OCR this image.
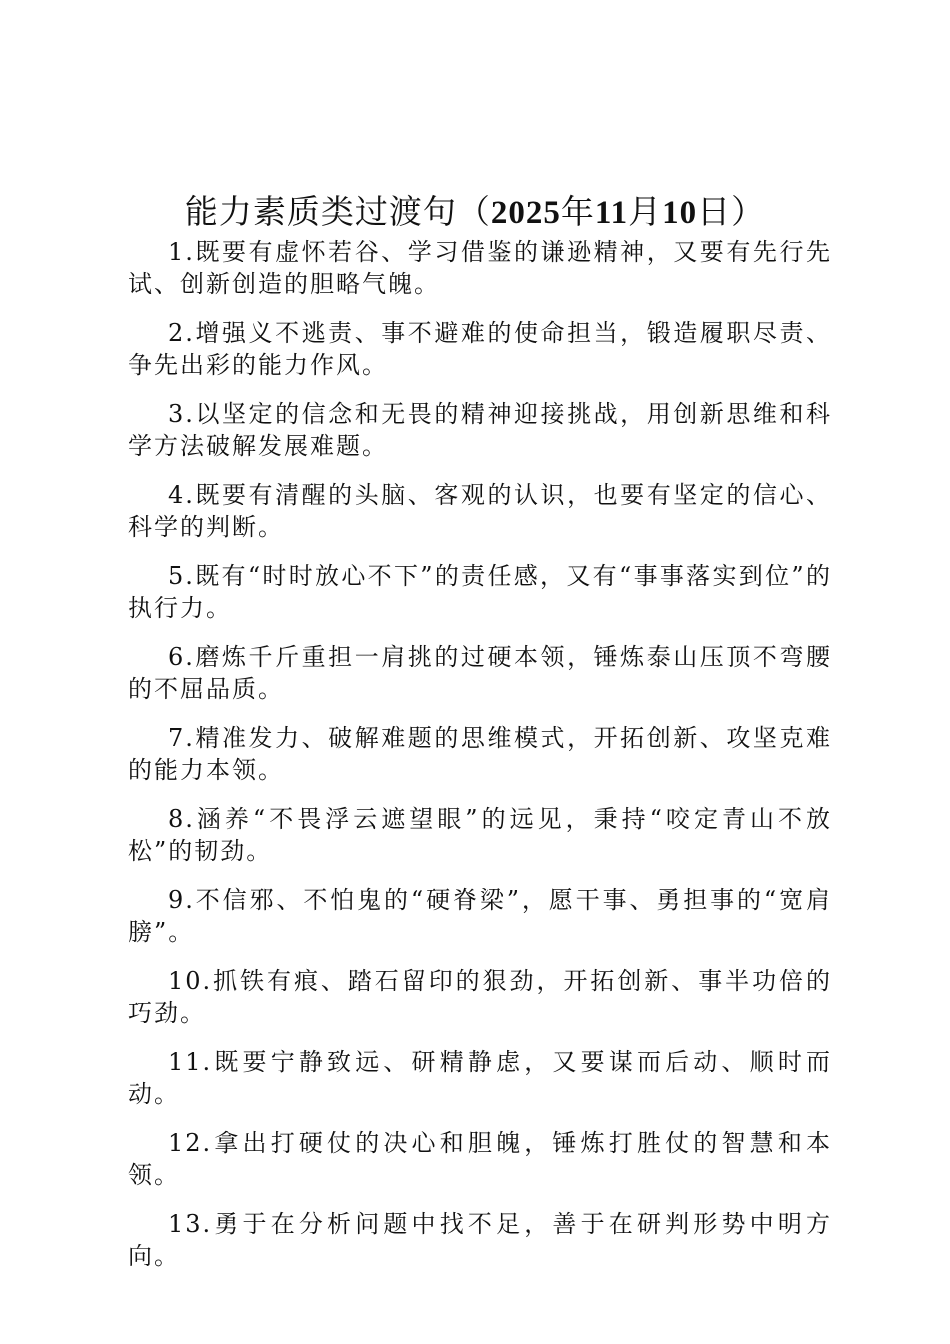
能力素质类过渡句（2025年11月10日）
1.既要有虚怀若谷、学习借鉴的谦逊精神，又要有先行先试、创新创造的胆略气魄。
2.增强义不逃责、事不避难的使命担当，锻造履职尽责、争先出彩的能力作风。
3.以坚定的信念和无畏的精神迎接挑战，用创新思维和科学方法破解发展难题。
4.既要有清醒的头脑、客观的认识，也要有坚定的信心、科学的判断。
5.既有“时时放心不下”的责任感，又有“事事落实到位”的执行力。
6.磨炼千斤重担一肩挑的过硬本领，锤炼泰山压顶不弯腰的不屈品质。
7.精准发力、破解难题的思维模式，开拓创新、攻坚克难的能力本领。
8.涵养“不畏浮云遮望眼”的远见，秉持“咬定青山不放松”的韧劲。
9.不信邪、不怕鬼的“硬脊梁”，愿干事、勇担事的“宽肩膀”。
10.抓铁有痕、踏石留印的狠劲，开拓创新、事半功倍的巧劲。
11.既要宁静致远、研精静虑，又要谋而后动、顺时而动。
12.拿出打硬仗的决心和胆魄，锤炼打胜仗的智慧和本领。
13.勇于在分析问题中找不足，善于在研判形势中明方向。
